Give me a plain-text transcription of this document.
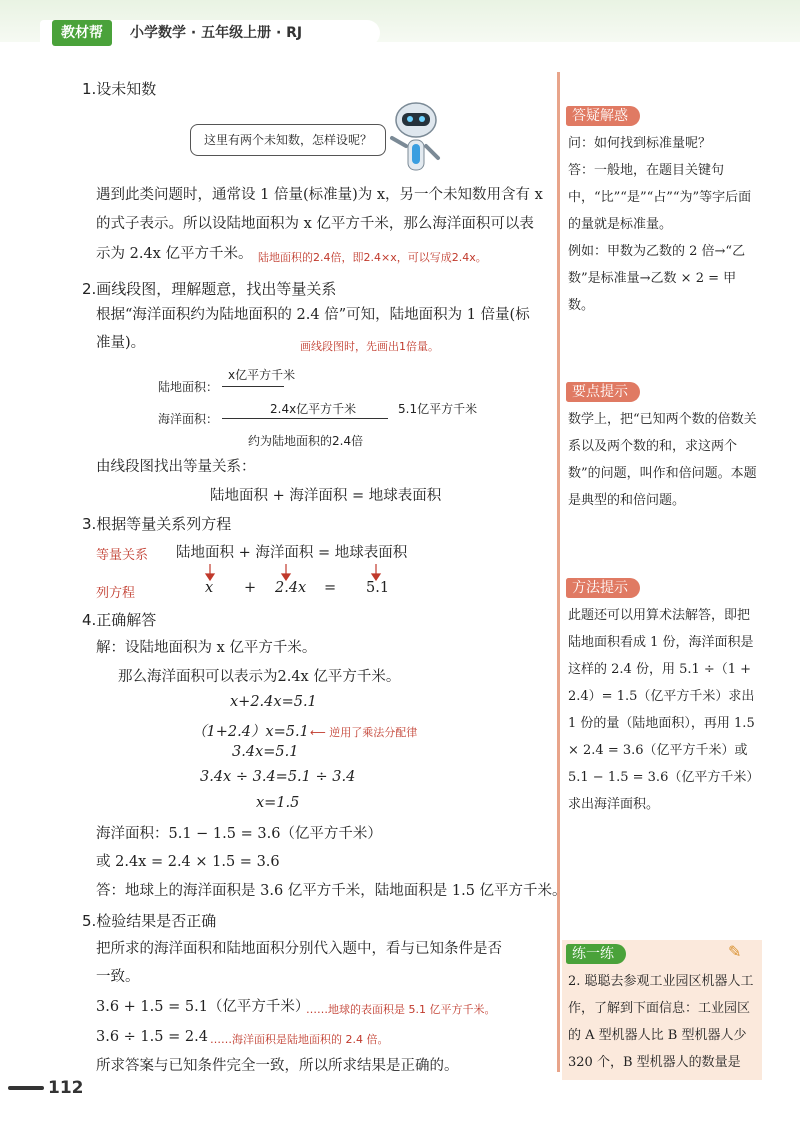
教材帮	小学数学 · 五年级上册 · RJ
1.设未知数
这里有两个未知数，怎样设呢？
遇到此类问题时，通常设 1 倍量(标准量)为 x，另一个未知数用含有 x
的式子表示。所以设陆地面积为 x 亿平方千米，那么海洋面积可以表
示为 2.4x 亿平方千米。 陆地面积的2.4倍，即2.4×x，可以写成2.4x。
2.画线段图，理解题意，找出等量关系
根据“海洋面积约为陆地面积的 2.4 倍”可知，陆地面积为 1 倍量(标
准量)。	画线段图时，先画出1倍量。
x亿平方千米
陆地面积：
2.4x亿平方千米
海洋面积：
5.1亿平方千米
约为陆地面积的2.4倍
由线段图找出等量关系：
陆地面积 + 海洋面积 = 地球表面积
3.根据等量关系列方程
等量关系 陆地面积 + 海洋面积 = 地球表面积
列方程	x + 2.4x = 5.1
4.正确解答
解：设陆地面积为 x 亿平方千米。
那么海洋面积可以表示为2.4x 亿平方千米。
x+2.4x=5.1
（1+2.4）x=5.1 ⟵ 逆用了乘法分配律
3.4x=5.1
3.4x ÷ 3.4=5.1 ÷ 3.4
x=1.5
海洋面积：5.1 − 1.5 = 3.6（亿平方千米）
或 2.4x = 2.4 × 1.5 = 3.6
答：地球上的海洋面积是 3.6 亿平方千米，陆地面积是 1.5 亿平方千米。
5.检验结果是否正确
把所求的海洋面积和陆地面积分别代入题中，看与已知条件是否
一致。
3.6 + 1.5 = 5.1（亿平方千米）
……地球的表面积是 5.1 亿平方千米。
3.6 ÷ 1.5 = 2.4 ……海洋面积是陆地面积的 2.4 倍。
所求答案与已知条件完全一致，所以所求结果是正确的。
答疑解惑
问：如何找到标准量呢？
答：一般地，在题目关键句中，“比”“是”“占”“为”等字后面的量就是标准量。
例如：甲数为乙数的 2 倍→“乙数”是标准量→乙数 × 2 = 甲数。
要点提示
数学上，把“已知两个数的倍数关系以及两个数的和，求这两个数”的问题，叫作和倍问题。本题是典型的和倍问题。
方法提示
此题还可以用算术法解答，即把陆地面积看成 1 份，海洋面积是这样的 2.4 份，用 5.1 ÷（1 + 2.4）= 1.5（亿平方千米）求出 1 份的量（陆地面积），再用 1.5 × 2.4 = 3.6（亿平方千米）或 5.1 − 1.5 = 3.6（亿平方千米）求出海洋面积。
练一练	✎
2. 聪聪去参观工业园区机器人工作，了解到下面信息：工业园区的 A 型机器人比 B 型机器人少 320 个，B 型机器人的数量是
112
